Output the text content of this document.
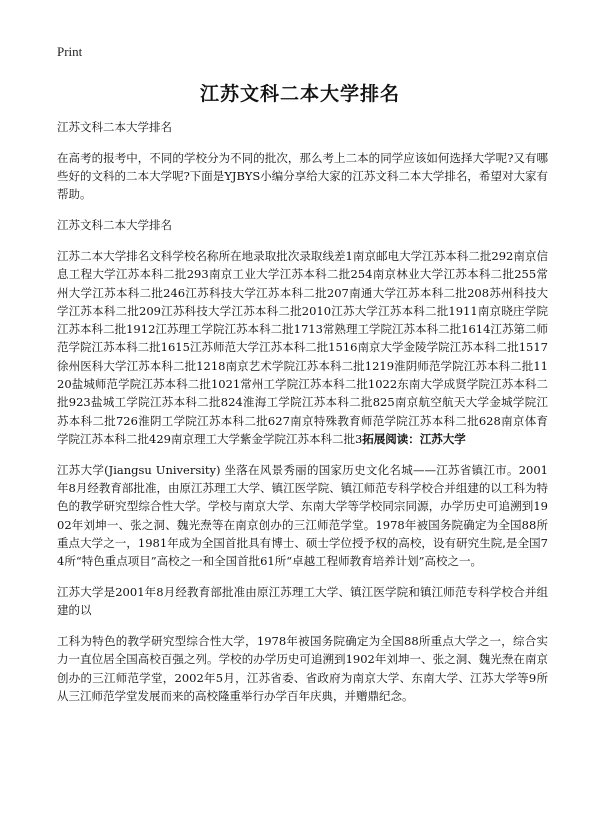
Print
江苏文科二本大学排名

江苏文科二本大学排名

在高考的报考中，不同的学校分为不同的批次，那么考上二本的同学应该如何选择大学呢?又有哪些好的文科的二本大学呢?下面是YJBYS小编分享给大家的江苏文科二本大学排名，希望对大家有帮助。

江苏文科二本大学排名

江苏二本大学排名文科学校名称所在地录取批次录取线差1南京邮电大学江苏本科二批292南京信息工程大学江苏本科二批293南京工业大学江苏本科二批254南京林业大学江苏本科二批255常州大学江苏本科二批246江苏科技大学江苏本科二批207南通大学江苏本科二批208苏州科技大学江苏本科二批209江苏科技大学江苏本科二批2010江苏大学江苏本科二批1911南京晓庄学院江苏本科二批1912江苏理工学院江苏本科二批1713常熟理工学院江苏本科二批1614江苏第二师范学院江苏本科二批1615江苏师范大学江苏本科二批1516南京大学金陵学院江苏本科二批1517徐州医科大学江苏本科二批1218南京艺术学院江苏本科二批1219淮阴师范学院江苏本科二批1120盐城师范学院江苏本科二批1021常州工学院江苏本科二批1022东南大学成贤学院江苏本科二批923盐城工学院江苏本科二批824淮海工学院江苏本科二批825南京航空航天大学金城学院江苏本科二批726淮阴工学院江苏本科二批627南京特殊教育师范学院江苏本科二批628南京体育学院江苏本科二批429南京理工大学紫金学院江苏本科二批3拓展阅读：江苏大学

江苏大学(Jiangsu University) 坐落在风景秀丽的国家历史文化名城——江苏省镇江市。2001年8月经教育部批准，由原江苏理工大学、镇江医学院、镇江师范专科学校合并组建的以工科为特色的教学研究型综合性大学。学校与南京大学、东南大学等学校同宗同源，办学历史可追溯到1902年刘坤一、张之洞、魏光焘等在南京创办的三江师范学堂。1978年被国务院确定为全国88所重点大学之一，1981年成为全国首批具有博士、硕士学位授予权的高校，设有研究生院,是全国74所“特色重点项目”高校之一和全国首批61所“卓越工程师教育培养计划”高校之一。

江苏大学是2001年8月经教育部批准由原江苏理工大学、镇江医学院和镇江师范专科学校合并组建的以

工科为特色的教学研究型综合性大学，1978年被国务院确定为全国88所重点大学之一，综合实力一直位居全国高校百强之列。学校的办学历史可追溯到1902年刘坤一、张之洞、魏光焘在南京创办的三江师范学堂，2002年5月，江苏省委、省政府为南京大学、东南大学、江苏大学等9所从三江师范学堂发展而来的高校隆重举行办学百年庆典，并赠鼎纪念。
